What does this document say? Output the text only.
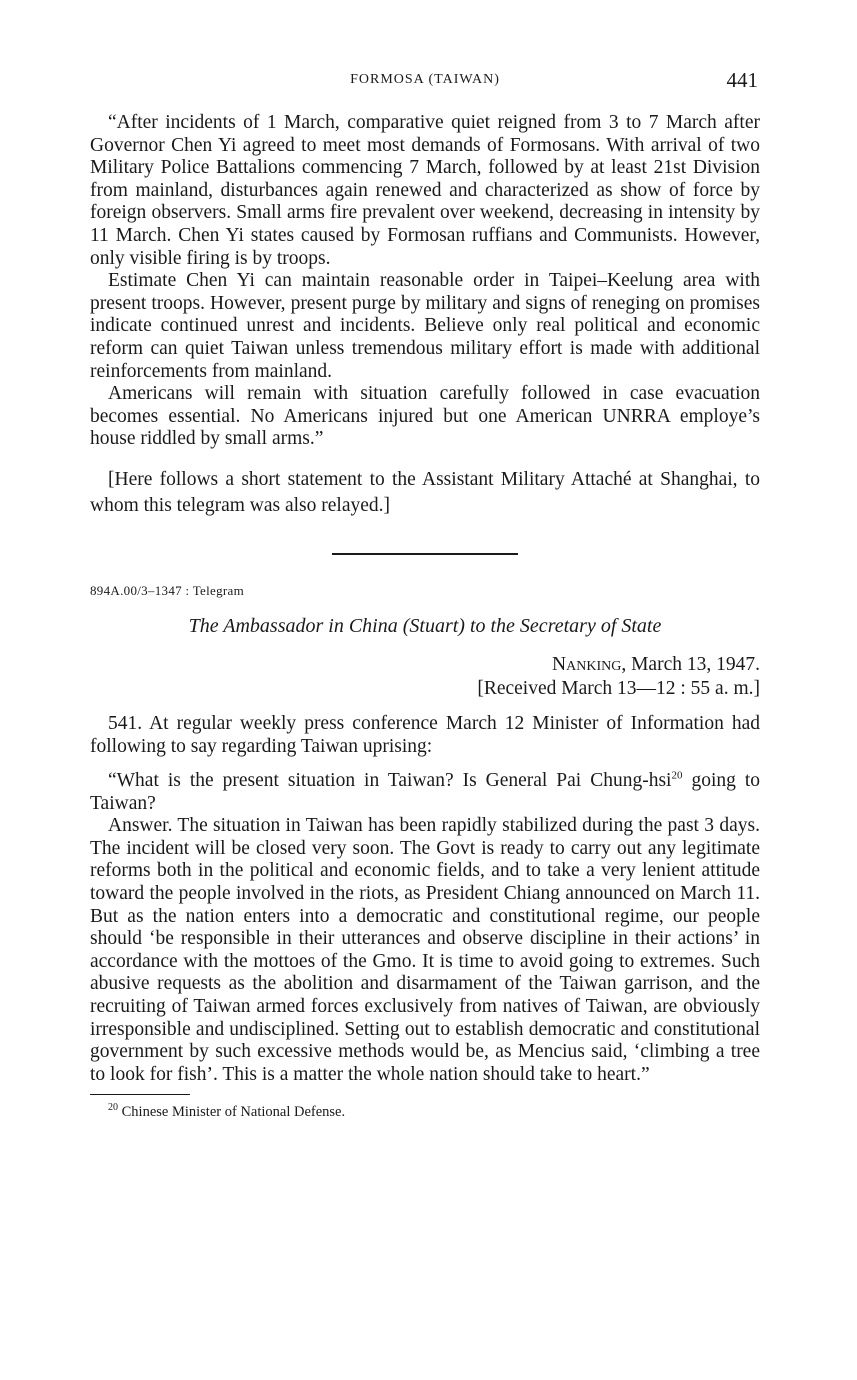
FORMOSA (TAIWAN)	441

“After incidents of 1 March, comparative quiet reigned from 3 to 7 March after Governor Chen Yi agreed to meet most demands of Formosans. With arrival of two Military Police Battalions commencing 7 March, followed by at least 21st Division from mainland, disturbances again renewed and characterized as show of force by foreign observers. Small arms fire prevalent over weekend, decreasing in intensity by 11 March. Chen Yi states caused by Formosan ruffians and Communists. However, only visible firing is by troops.

Estimate Chen Yi can maintain reasonable order in Taipei–Keelung area with present troops. However, present purge by military and signs of reneging on promises indicate continued unrest and incidents. Believe only real political and economic reform can quiet Taiwan unless tremendous military effort is made with additional reinforcements from mainland.

Americans will remain with situation carefully followed in case evacuation becomes essential. No Americans injured but one American UNRRA employe’s house riddled by small arms.”

[Here follows a short statement to the Assistant Military Attaché at Shanghai, to whom this telegram was also relayed.]

894A.00/3–1347 : Telegram
The Ambassador in China (Stuart) to the Secretary of State
Nanking, March 13, 1947.
[Received March 13—12 : 55 a. m.]

541. At regular weekly press conference March 12 Minister of Information had following to say regarding Taiwan uprising:

“What is the present situation in Taiwan? Is General Pai Chung-hsi$^{20}$ going to Taiwan?

Answer. The situation in Taiwan has been rapidly stabilized during the past 3 days. The incident will be closed very soon. The Govt is ready to carry out any legitimate reforms both in the political and economic fields, and to take a very lenient attitude toward the people involved in the riots, as President Chiang announced on March 11. But as the nation enters into a democratic and constitutional regime, our people should ‘be responsible in their utterances and observe discipline in their actions’ in accordance with the mottoes of the Gmo. It is time to avoid going to extremes. Such abusive requests as the abolition and disarmament of the Taiwan garrison, and the recruiting of Taiwan armed forces exclusively from natives of Taiwan, are obviously irresponsible and undisciplined. Setting out to establish democratic and constitutional government by such excessive methods would be, as Mencius said, ‘climbing a tree to look for fish’. This is a matter the whole nation should take to heart.”

$^{20}$ Chinese Minister of National Defense.
